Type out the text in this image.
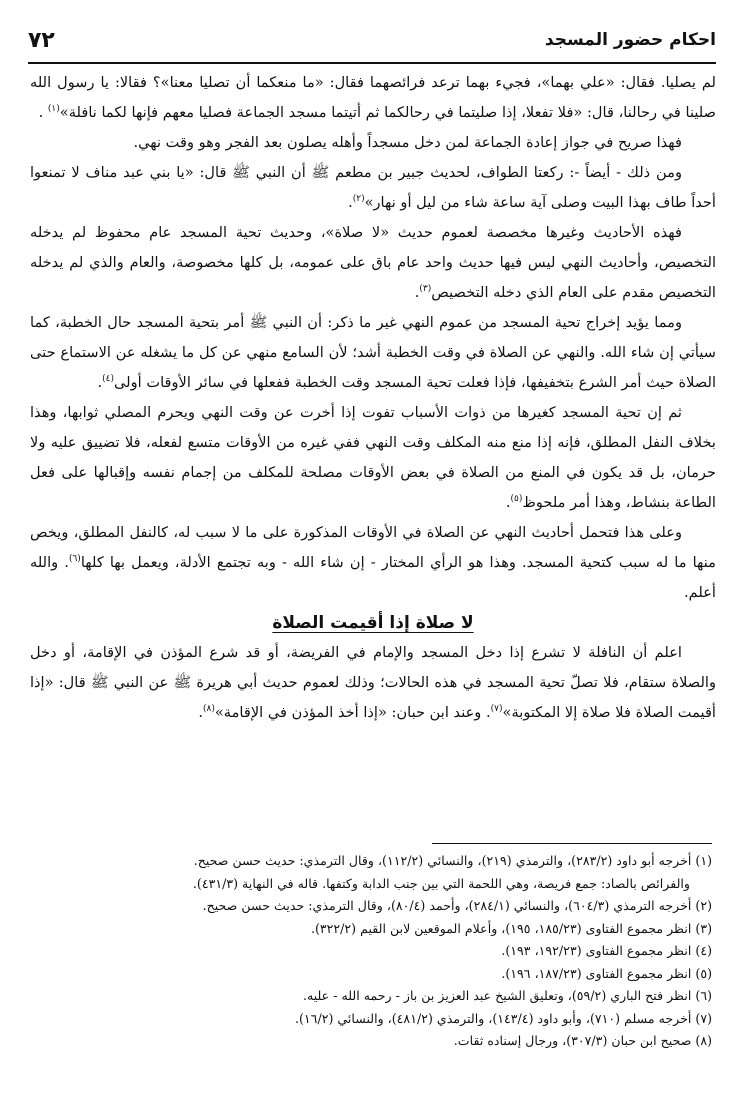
٧٢	احكام حضور المسجد

لم يصليا. فقال: «علي بهما»، فجيء بهما ترعد فرائصهما فقال: «ما منعكما أن تصليا معنا»؟ فقالا: يا رسول الله صلينا في رحالنا، قال: «فلا تفعلا، إذا صليتما في رحالكما ثم أتيتما مسجد الجماعة فصليا معهم فإنها لكما نافلة»$^{(١)}$ .

فهذا صريح في جواز إعادة الجماعة لمن دخل مسجداً وأهله يصلون بعد الفجر وهو وقت نهي.

ومن ذلك - أيضاً -: ركعتا الطواف، لحديث جبير بن مطعم ﷺ أن النبي ﷺ قال: «يا بني عبد مناف لا تمنعوا أحداً طاف بهذا البيت وصلى آية ساعة شاء من ليل أو نهار»$^{(٢)}$.

فهذه الأحاديث وغيرها مخصصة لعموم حديث «لا صلاة»، وحديث تحية المسجد عام محفوظ لم يدخله التخصيص، وأحاديث النهي ليس فيها حديث واحد عام باق على عمومه، بل كلها مخصوصة، والعام والذي لم يدخله التخصيص مقدم على العام الذي دخله التخصيص$^{(٣)}$.

ومما يؤيد إخراج تحية المسجد من عموم النهي غير ما ذكر: أن النبي ﷺ أمر بتحية المسجد حال الخطبة، كما سيأتي إن شاء الله. والنهي عن الصلاة في وقت الخطبة أشد؛ لأن السامع منهي عن كل ما يشغله عن الاستماع حتى الصلاة حيث أمر الشرع بتخفيفها، فإذا فعلت تحية المسجد وقت الخطبة ففعلها في سائر الأوقات أولى$^{(٤)}$.

ثم إن تحية المسجد كغيرها من ذوات الأسباب تفوت إذا أخرت عن وقت النهي ويحرم المصلي ثوابها، وهذا بخلاف النفل المطلق، فإنه إذا منع منه المكلف وقت النهي ففي غيره من الأوقات متسع لفعله، فلا تضييق عليه ولا حرمان، بل قد يكون في المنع من الصلاة في بعض الأوقات مصلحة للمكلف من إجمام نفسه وإقبالها على فعل الطاعة بنشاط، وهذا أمر ملحوظ$^{(٥)}$.

وعلى هذا فتحمل أحاديث النهي عن الصلاة في الأوقات المذكورة على ما لا سبب له، كالنفل المطلق، ويخص منها ما له سبب كتحية المسجد. وهذا هو الرأي المختار - إن شاء الله - وبه تجتمع الأدلة، ويعمل بها كلها$^{(٦)}$. والله أعلم.

لا صلاة إذا أقيمت الصلاة

اعلم أن النافلة لا تشرع إذا دخل المسجد والإمام في الفريضة، أو قد شرع المؤذن في الإقامة، أو دخل والصلاة ستقام، فلا تصلّ تحية المسجد في هذه الحالات؛ وذلك لعموم حديث أبي هريرة ﷺ عن النبي ﷺ قال: «إذا أقيمت الصلاة فلا صلاة إلا المكتوبة»$^{(٧)}$. وعند ابن حبان: «إذا أخذ المؤذن في الإقامة»$^{(٨)}$.

(١) أخرجه أبو داود (٢٨٣/٢)، والترمذي (٢١٩)، والنسائي (١١٢/٢)، وقال الترمذي: حديث حسن صحيح.

والفرائص بالصاد: جمع فريصة، وهي اللحمة التي بين جنب الدابة وكتفها. قاله في النهاية (٤٣١/٣).

(٢) أخرجه الترمذي (٦٠٤/٣)، والنسائي (٢٨٤/١)، وأحمد (٨٠/٤)، وقال الترمذي: حديث حسن صحيح.

(٣) انظر مجموع الفتاوى (١٨٥/٢٣، ١٩٥)، وأعلام الموقعين لابن القيم (٣٢٢/٢).

(٤) انظر مجموع الفتاوى (١٩٢/٢٣، ١٩٣).

(٥) انظر مجموع الفتاوى (١٨٧/٢٣، ١٩٦).

(٦) انظر فتح الباري (٥٩/٢)، وتعليق الشيخ عبد العزيز بن باز - رحمه الله - عليه.

(٧) أخرجه مسلم (٧١٠)، وأبو داود (١٤٣/٤)، والترمذي (٤٨١/٢)، والنسائي (١٦/٢).

(٨) صحيح ابن حبان (٣٠٧/٣)، ورجال إسناده ثقات.
